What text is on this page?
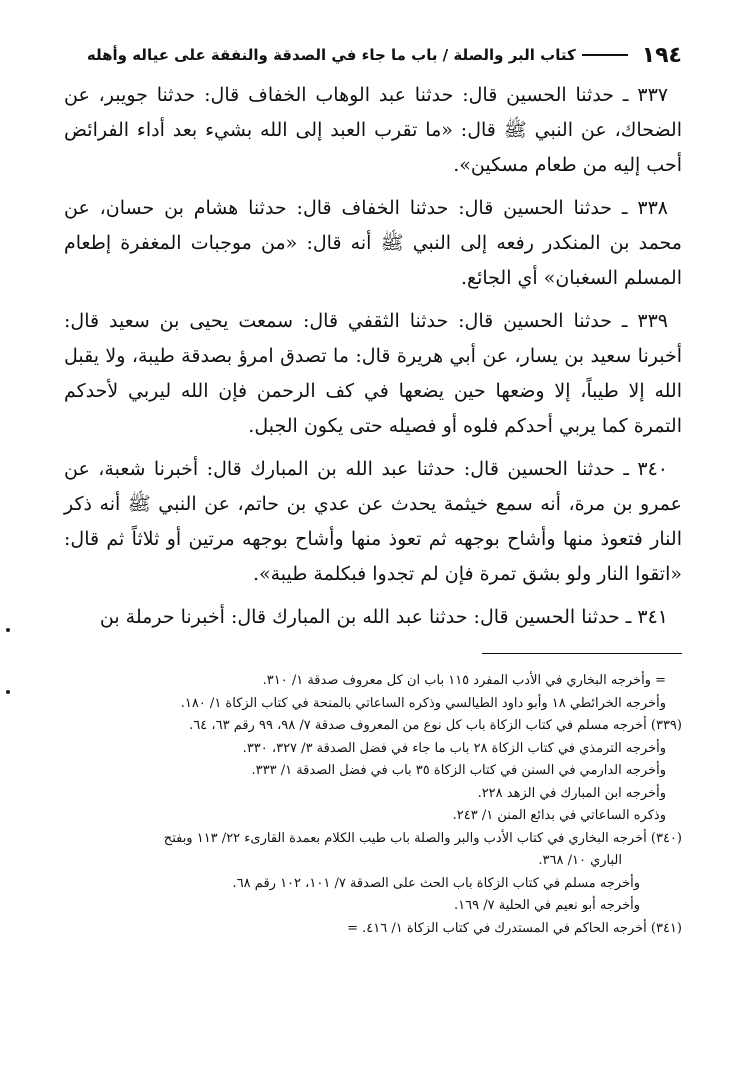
١٩٤
كتاب البر والصلة / باب ما جاء في الصدقة والنفقة على عياله وأهله

٣٣٧ ـ حدثنا الحسين قال: حدثنا عبد الوهاب الخفاف قال: حدثنا جويبر، عن الضحاك، عن النبي ﷺ قال: «ما تقرب العبد إلى الله بشيء بعد أداء الفرائض أحب إليه من طعام مسكين».

٣٣٨ ـ حدثنا الحسين قال: حدثنا الخفاف قال: حدثنا هشام بن حسان، عن محمد بن المنكدر رفعه إلى النبي ﷺ أنه قال: «من موجبات المغفرة إطعام المسلم السغبان» أي الجائع.

٣٣٩ ـ حدثنا الحسين قال: حدثنا الثقفي قال: سمعت يحيى بن سعيد قال: أخبرنا سعيد بن يسار، عن أبي هريرة قال: ما تصدق امرؤ بصدقة طيبة، ولا يقبل الله إلا طيباً، إلا وضعها حين يضعها في كف الرحمن فإن الله ليربي لأحدكم التمرة كما يربي أحدكم فلوه أو فصيله حتى يكون الجبل.

٣٤٠ ـ حدثنا الحسين قال: حدثنا عبد الله بن المبارك قال: أخبرنا شعبة، عن عمرو بن مرة، أنه سمع خيثمة يحدث عن عدي بن حاتم، عن النبي ﷺ أنه ذكر النار فتعوذ منها وأشاح بوجهه ثم تعوذ منها وأشاح بوجهه مرتين أو ثلاثاً ثم قال: «اتقوا النار ولو بشق تمرة فإن لم تجدوا فبكلمة طيبة».

٣٤١ ـ حدثنا الحسين قال: حدثنا عبد الله بن المبارك قال: أخبرنا حرملة بن

= وأخرجه البخاري في الأدب المفرد ١١٥ باب ان كل معروف صدقة ١/ ٣١٠.
وأخرجه الخرائطي ١٨ وأبو داود الطيالسي وذكره الساعاتي بالمنحة في كتاب الزكاة ١/ ١٨٠.
(٣٣٩) أخرجه مسلم في كتاب الزكاة باب كل نوع من المعروف صدقة ٧/ ٩٨، ٩٩ رقم ٦٣، ٦٤.
وأخرجه الترمذي في كتاب الزكاة ٢٨ باب ما جاء في فضل الصدقة ٣/ ٣٢٧، ٣٣٠.
وأخرجه الدارمي في السنن في كتاب الزكاة ٣٥ باب في فضل الصدقة ١/ ٣٣٣.
وأخرجه ابن المبارك في الزهد ٢٢٨.
وذكره الساعاتي في بدائع المنن ١/ ٢٤٣.
(٣٤٠) أخرجه البخاري في كتاب الأدب والبر والصلة باب طيب الكلام بعمدة القارىء ٢٢/ ١١٣ وبفتح
الباري ١٠/ ٣٦٨.
وأخرجه مسلم في كتاب الزكاة باب الحث على الصدقة ٧/ ١٠١، ١٠٢ رقم ٦٨.
وأخرجه أبو نعيم في الحلية ٧/ ١٦٩.
(٣٤١) أخرجه الحاكم في المستدرك في كتاب الزكاة ١/ ٤١٦. =
